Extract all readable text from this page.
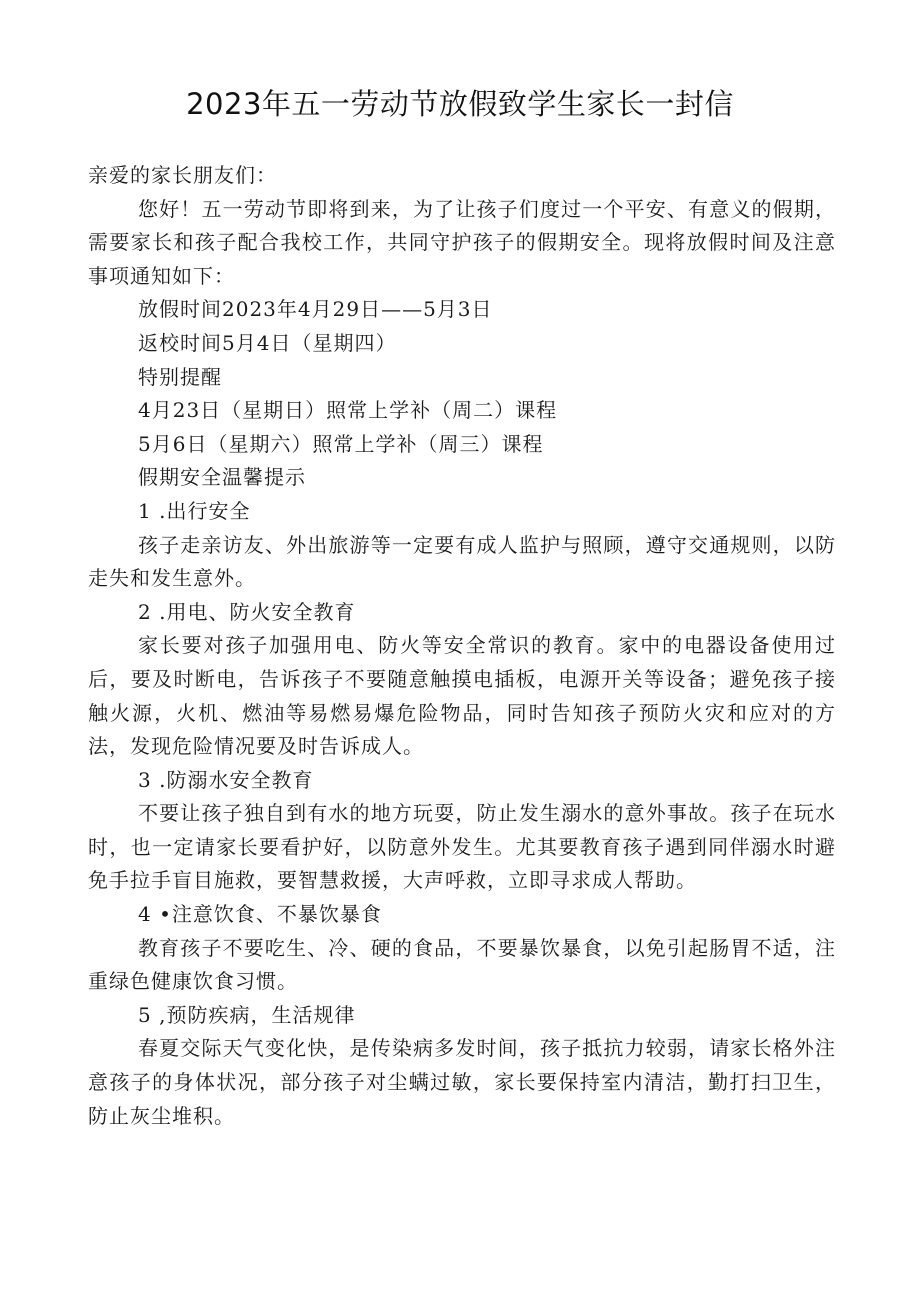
2023年五一劳动节放假致学生家长一封信

亲爱的家长朋友们：

您好！五一劳动节即将到来，为了让孩子们度过一个平安、有意义的假期，需要家长和孩子配合我校工作，共同守护孩子的假期安全。现将放假时间及注意事项通知如下：

放假时间2023年4月29日——5月3日

返校时间5月4日（星期四）

特别提醒

4月23日（星期日）照常上学补（周二）课程

5月6日（星期六）照常上学补（周三）课程

假期安全温馨提示

1 .出行安全

孩子走亲访友、外出旅游等一定要有成人监护与照顾，遵守交通规则，以防走失和发生意外。

2 .用电、防火安全教育

家长要对孩子加强用电、防火等安全常识的教育。家中的电器设备使用过后，要及时断电，告诉孩子不要随意触摸电插板，电源开关等设备；避免孩子接触火源，火机、燃油等易燃易爆危险物品，同时告知孩子预防火灾和应对的方法，发现危险情况要及时告诉成人。

3 .防溺水安全教育

不要让孩子独自到有水的地方玩耍，防止发生溺水的意外事故。孩子在玩水时，也一定请家长要看护好，以防意外发生。尤其要教育孩子遇到同伴溺水时避免手拉手盲目施救，要智慧救援，大声呼救，立即寻求成人帮助。

4 •注意饮食、不暴饮暴食

教育孩子不要吃生、冷、硬的食品，不要暴饮暴食，以免引起肠胃不适，注重绿色健康饮食习惯。

5 ,预防疾病，生活规律

春夏交际天气变化快，是传染病多发时间，孩子抵抗力较弱，请家长格外注意孩子的身体状况，部分孩子对尘螨过敏，家长要保持室内清洁，勤打扫卫生，防止灰尘堆积。
